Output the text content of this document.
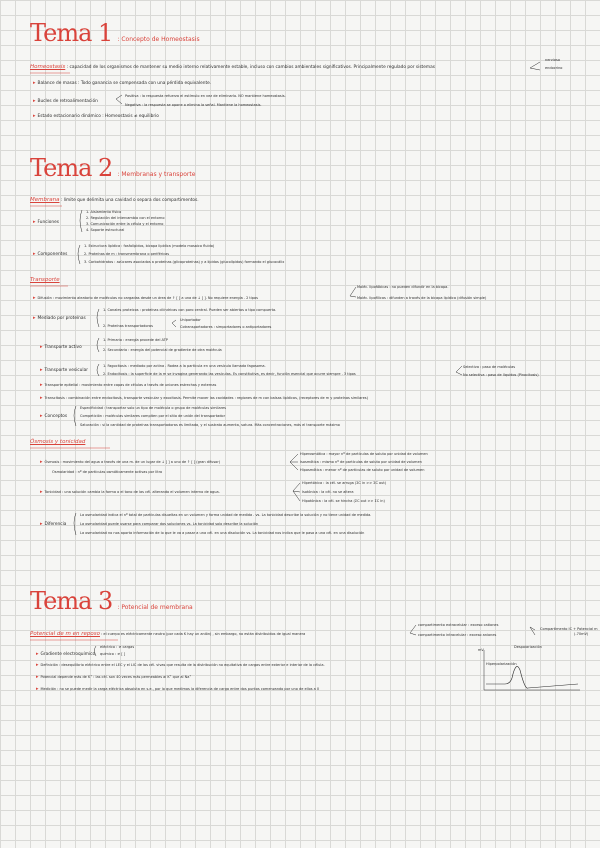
Tema 1 : Concepto de Homeostasis
Homeostasis : capacidad de los organismos de mantener su medio interno relativamente estable, incluso con cambios ambientales significativos. Principalmente regulado por sistemas
nervioso
endocrino
▸ Balance de masas : Todo ganancia se compensada con una pérdida equivalente.
▸ Bucles de retroalimentación
Positiva : la respuesta refuerza el estímulo en vez de eliminarlo. NO mantiene homeostasis.
Negativa : la respuesta se opone o elimina la señal. Mantiene la homeostasis.
▸ Estado estacionario dinámico : Homeostasis ≠ equilibrio
Tema 2 : Membranas y transporte
Membrana : límite que delimita una cavidad o separa dos compartimentos.
▸ Funciones
1. Aislamiento físico
2. Regulación del intercambio con el entorno
3. Comunicación entre la célula y el entorno
4. Soporte estructural
▸ Componentes
1. Estructura lipídica : fosfolípidos, bicapa lipídica (modelo mosaico fluido)
2. Proteínas de m : transmembrana o periféricas
3. Carbohidratos : azúcares asociados a proteínas (glicoproteínas) y a lípidos (glucolípidos) formando el glucocálix
Transporte
▸ Difusión : movimiento aleatorio de moléculas no cargadas desde un área de ↑ [ ] a una de ↓ [ ]. No requiere energía . 2 tipos
Moléc. lipofóbicas : no pueden difundir en la bicapa.
Moléc. lipofílicas : difunden a través de la bicapa lipídica (difusión simple)
▸ Mediado por proteínas
1. Canales proteicos : proteínas cilíndricas con poro central. Pueden ser abiertos o tipo compuerta.
2. Proteínas transportadoras
Uniportador
Cotransportadores : simportadores o antiportadores
▸ Transporte activo
1. Primario : energía procede del ATP
2. Secundario : energía del potencial de gradiente de otra molécula
▸ Transporte vesicular
1. Fagocitosis : mediado por actina . Rodea a la partícula en una vesícula llamada fagosoma.
2. Endocitosis : la superficie de la m se invagina generando las vesículas. Es constitutiva, es decir, función esencial que ocurre siempre . 3 tipos
Selectiva : paso de moléculas
No selectiva : paso de líquidos (Pinocitosis)
▸ Transporte epitelial : movimiento entre capas de células a través de uniones estrechas y externas
▸ Transcitosis : combinación entre endocitosis, transporte vesicular y exocitosis. Permite mover las cavidades : regiones de m con balsas lipídicas, (receptores de m y proteínas similares)
▸ Conceptos
Especificidad : transportar solo un tipo de molécula o grupo de moléculas similares
Competición : moléculas similares compiten por el sitio de unión del transportador
Saturación : si la cantidad de proteínas transportadoras es limitada, y el sustrato aumenta, satura. Más concentraciones, más el transporte máximo
Ósmosis y tonicidad
▸ Ósmosis : movimiento del agua a través de una m. de un lugar de ↓ [ ] a uno de ↑ [ ] (gran difusor)
Osmolaridad : nº de partículas osmóticamente activas por litro
Hiperosmótica : mayor nº de partículas de soluto por unidad de volumen
Isosmótica : mismo nº de partículas de soluto por unidad de volumen
Hiposmótica : menor nº de partículas de soluto por unidad de volumen
▸ Tonicidad : una solución cambia la forma o el tono de las cél. alterando el volumen interno de agua.
Hipertónica : la cél. se arruga (ΣC in >> ΣC out)
Isotónica : la cél. no se altera
Hipotónica : la cél. se hincha (ΣC out >> ΣC in)
▸ Diferencia
La osmolaridad indica el nº total de partículas disueltas en un volumen y forma unidad de medida . vs. La tonicidad describe la solución y no tiene unidad de medida.
La osmolaridad puede usarse para comparar dos soluciones vs. La tonicidad solo describe la solución
La osmolaridad no nos aporta información de lo que le va a pasar a una cél. en una disolución vs. La tonicidad nos indica que le pasa a una cél. en una disolución
Tema 3 : Potencial de membrana
Potencial de m en reposo : el cuerpo es eléctricamente neutro (por cada K hay un anión) , sin embargo, no están distribuidos de igual manera
compartimento extracelular : exceso cationes
compartimento intracelular : exceso aniones
Compartimento IC + Potencial m
(-70mV)
▸ Gradiente electroquímico
eléctrico : ≠ cargas
químico : ≠ [ ]
▸ Definición : desequilibrio eléctrico entre el LEC y el LIC de las cél. vivas que resulta de la distribución no equitativa de cargas entre exterior e interior de la célula.
▸ Potencial depende más de K⁺ : las cél. son 40 veces más permeables al K⁺ que al Na⁺
▸ Medición : no se puede medir la carga eléctrica absoluta en s.e., por lo que medimos la diferencia de carga entre dos puntos comenzando por uno de ellos a 0
Despolarización
Hiperpolarización
mV
